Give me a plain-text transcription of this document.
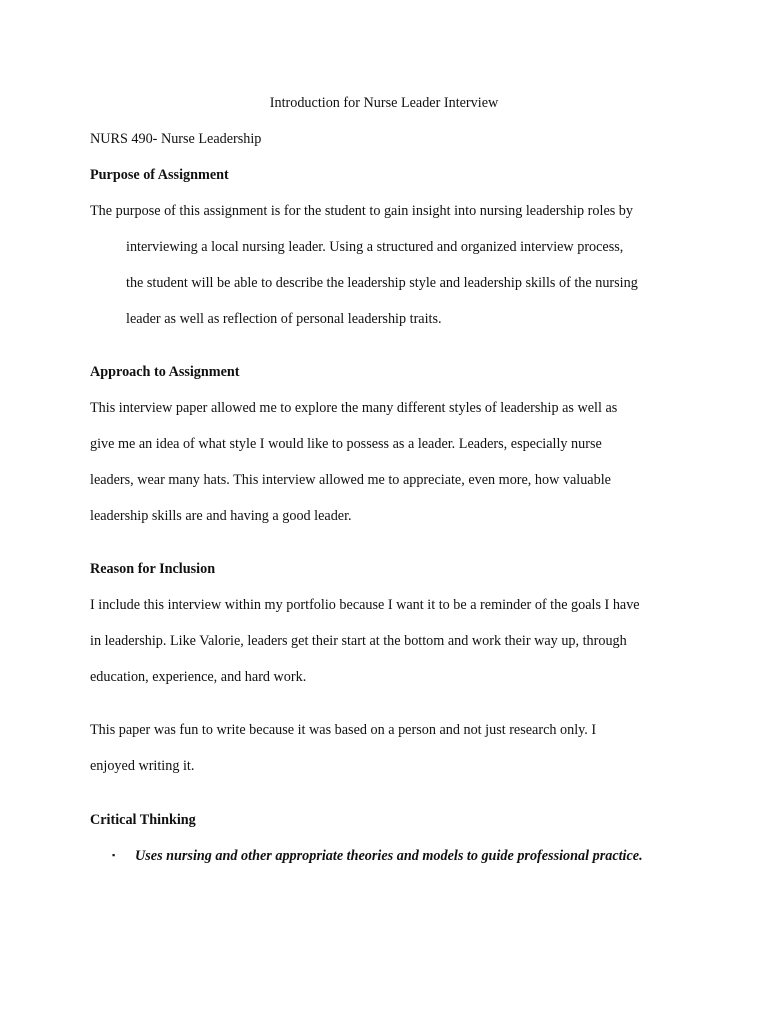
Introduction for Nurse Leader Interview
NURS 490- Nurse Leadership
Purpose of Assignment
The purpose of this assignment is for the student to gain insight into nursing leadership roles by
interviewing a local nursing leader. Using a structured and organized interview process,
the student will be able to describe the leadership style and leadership skills of the nursing
leader as well as reflection of personal leadership traits.
Approach to Assignment
This interview paper allowed me to explore the many different styles of leadership as well as
give me an idea of what style I would like to possess as a leader. Leaders, especially nurse
leaders, wear many hats. This interview allowed me to appreciate, even more, how valuable
leadership skills are and having a good leader.
Reason for Inclusion
I include this interview within my portfolio because I want it to be a reminder of the goals I have
in leadership. Like Valorie, leaders get their start at the bottom and work their way up, through
education, experience, and hard work.
This paper was fun to write because it was based on a person and not just research only. I
enjoyed writing it.
Critical Thinking
▪ Uses nursing and other appropriate theories and models to guide professional practice.
